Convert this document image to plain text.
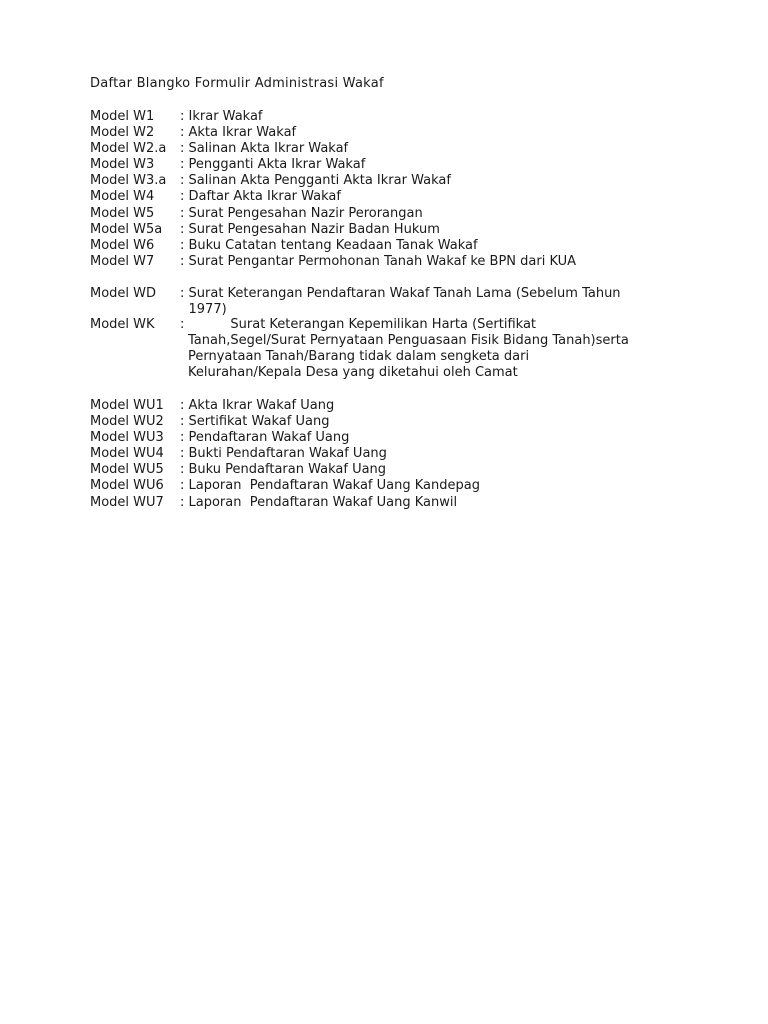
Daftar Blangko Formulir Administrasi Wakaf
Model W1	: Ikrar Wakaf
Model W2	: Akta Ikrar Wakaf
Model W2.a	: Salinan Akta Ikrar Wakaf
Model W3	: Pengganti Akta Ikrar Wakaf
Model W3.a	: Salinan Akta Pengganti Akta Ikrar Wakaf
Model W4	: Daftar Akta Ikrar Wakaf
Model W5	: Surat Pengesahan Nazir Perorangan
Model W5a	: Surat Pengesahan Nazir Badan Hukum
Model W6	: Buku Catatan tentang Keadaan Tanak Wakaf
Model W7	: Surat Pengantar Permohonan Tanah Wakaf ke BPN dari KUA
Model WD	: Surat Keterangan Pendaftaran Wakaf Tanah Lama (Sebelum Tahun 1977)
Model WK	:	Surat Keterangan Kepemilikan Harta (Sertifikat
Tanah,Segel/Surat Pernyataan Penguasaan Fisik Bidang Tanah)serta
Pernyataan Tanah/Barang tidak dalam sengketa dari
Kelurahan/Kepala Desa yang diketahui oleh Camat
Model WU1	: Akta Ikrar Wakaf Uang
Model WU2	: Sertifikat Wakaf Uang
Model WU3	: Pendaftaran Wakaf Uang
Model WU4	: Bukti Pendaftaran Wakaf Uang
Model WU5	: Buku Pendaftaran Wakaf Uang
Model WU6	: Laporan  Pendaftaran Wakaf Uang Kandepag
Model WU7	: Laporan  Pendaftaran Wakaf Uang Kanwil
